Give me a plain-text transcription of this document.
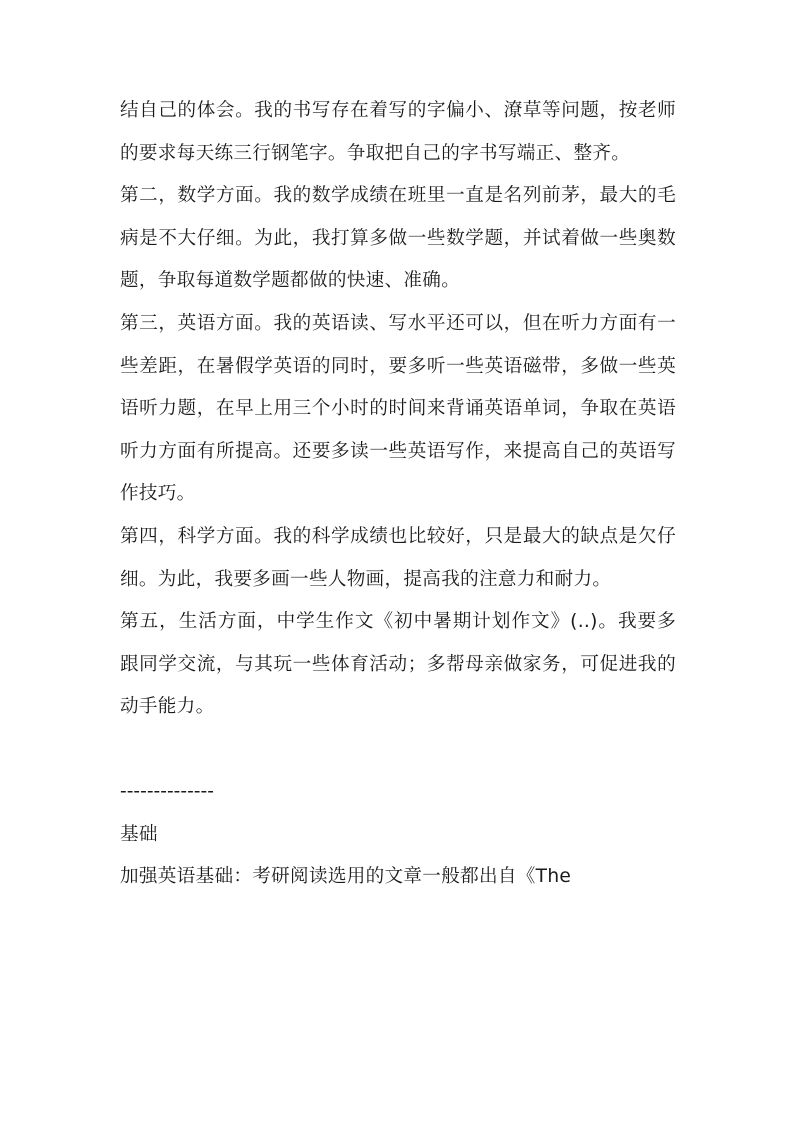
结自己的体会。我的书写存在着写的字偏小、潦草等问题，按老师的要求每天练三行钢笔字。争取把自己的字书写端正、整齐。

第二，数学方面。我的数学成绩在班里一直是名列前茅，最大的毛病是不大仔细。为此，我打算多做一些数学题，并试着做一些奥数题，争取每道数学题都做的快速、准确。

第三，英语方面。我的英语读、写水平还可以，但在听力方面有一些差距，在暑假学英语的同时，要多听一些英语磁带，多做一些英语听力题，在早上用三个小时的时间来背诵英语单词，争取在英语听力方面有所提高。还要多读一些英语写作，来提高自己的英语写作技巧。

第四，科学方面。我的科学成绩也比较好，只是最大的缺点是欠仔细。为此，我要多画一些人物画，提高我的注意力和耐力。

第五，生活方面，中学生作文《初中暑期计划作文》(..)。我要多跟同学交流，与其玩一些体育活动；多帮母亲做家务，可促进我的动手能力。

--------------

基础

加强英语基础：考研阅读选用的文章一般都出自《The
